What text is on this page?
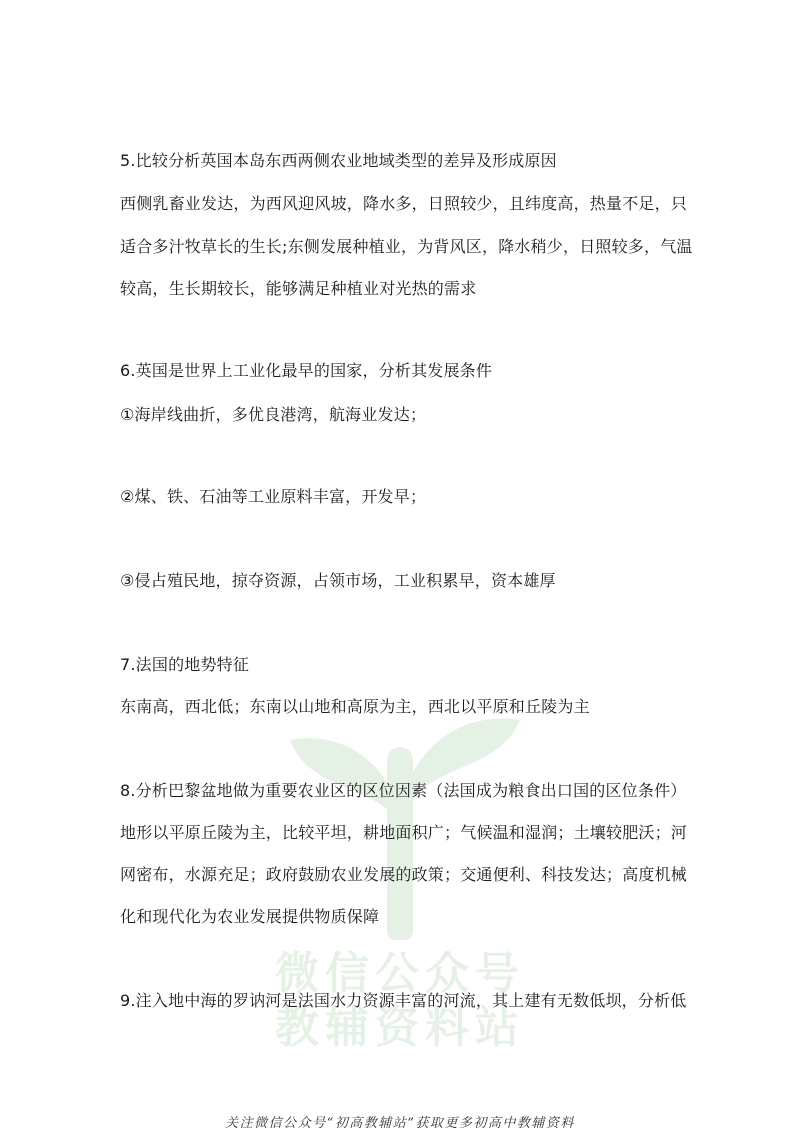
微信公众号
教辅资料站
5.比较分析英国本岛东西两侧农业地域类型的差异及形成原因
西侧乳畜业发达，为西风迎风坡，降水多，日照较少，且纬度高，热量不足，只
适合多汁牧草长的生长;东侧发展种植业，为背风区，降水稍少，日照较多，气温
较高，生长期较长，能够满足种植业对光热的需求
6.英国是世界上工业化最早的国家，分析其发展条件
①海岸线曲折，多优良港湾，航海业发达；
②煤、铁、石油等工业原料丰富，开发早；
③侵占殖民地，掠夺资源，占领市场，工业积累早，资本雄厚
7.法国的地势特征
东南高，西北低；东南以山地和高原为主，西北以平原和丘陵为主
8.分析巴黎盆地做为重要农业区的区位因素（法国成为粮食出口国的区位条件）
地形以平原丘陵为主，比较平坦，耕地面积广；气候温和湿润；土壤较肥沃；河
网密布，水源充足；政府鼓励农业发展的政策；交通便利、科技发达；高度机械
化和现代化为农业发展提供物质保障
9.注入地中海的罗讷河是法国水力资源丰富的河流，其上建有无数低坝，分析低
关注微信公众号“初高教辅站”获取更多初高中教辅资料
